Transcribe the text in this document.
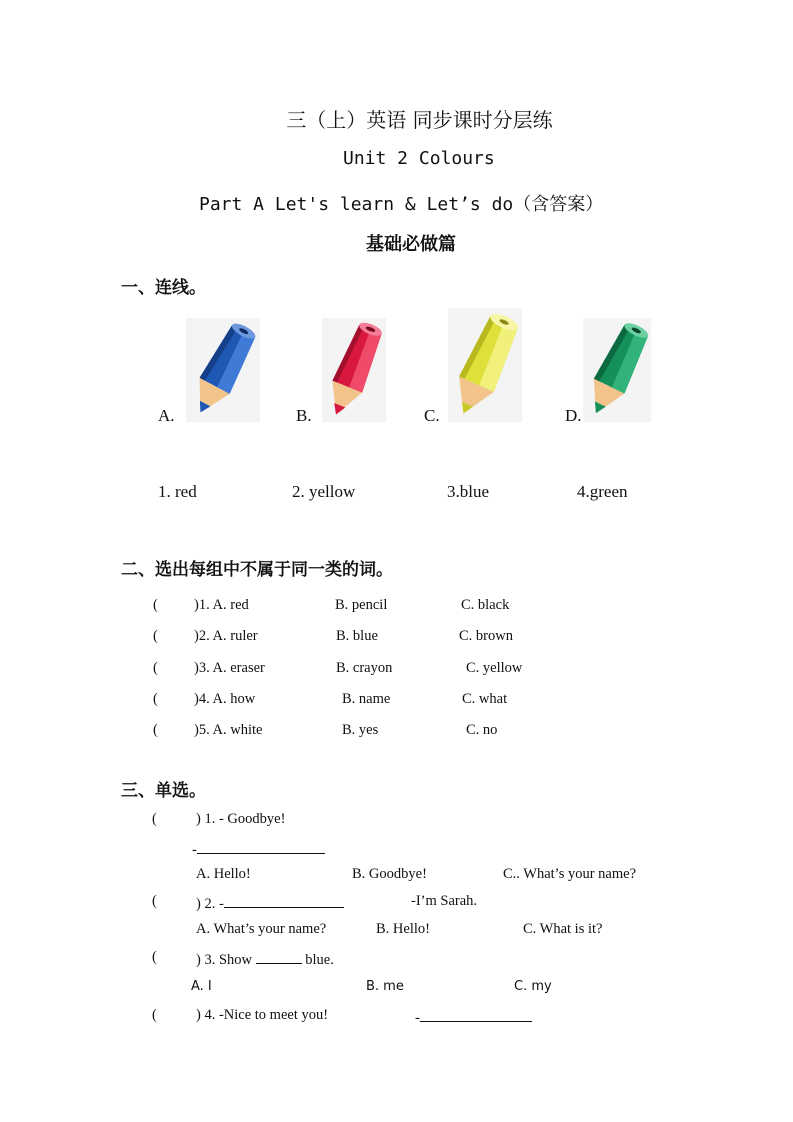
三（上）英语 同步课时分层练
Unit 2 Colours
Part A Let's learn & Let’s do（含答案）
基础必做篇
一、连线。
A.	B.	C.	D.
1. red	2. yellow	3.blue	4.green
二、选出每组中不属于同一类的词。
( )1. A. red	B. pencil	C. black
( )2. A. ruler	B. blue	C. brown
( )3. A. eraser	B. crayon	C. yellow
( )4. A. how	B. name	C. what
( )5. A. white	B. yes	C. no
三、单选。
(	) 1. - Goodbye!
-
A. Hello!	B. Goodbye!	C.. What’s your name?
(	) 2. -	-I’m Sarah.
A. What’s your name?	B. Hello!	C. What is it?
(	) 3. Show	blue.
A. I	B. me	C. my
(	) 4. -Nice to meet you!	-
